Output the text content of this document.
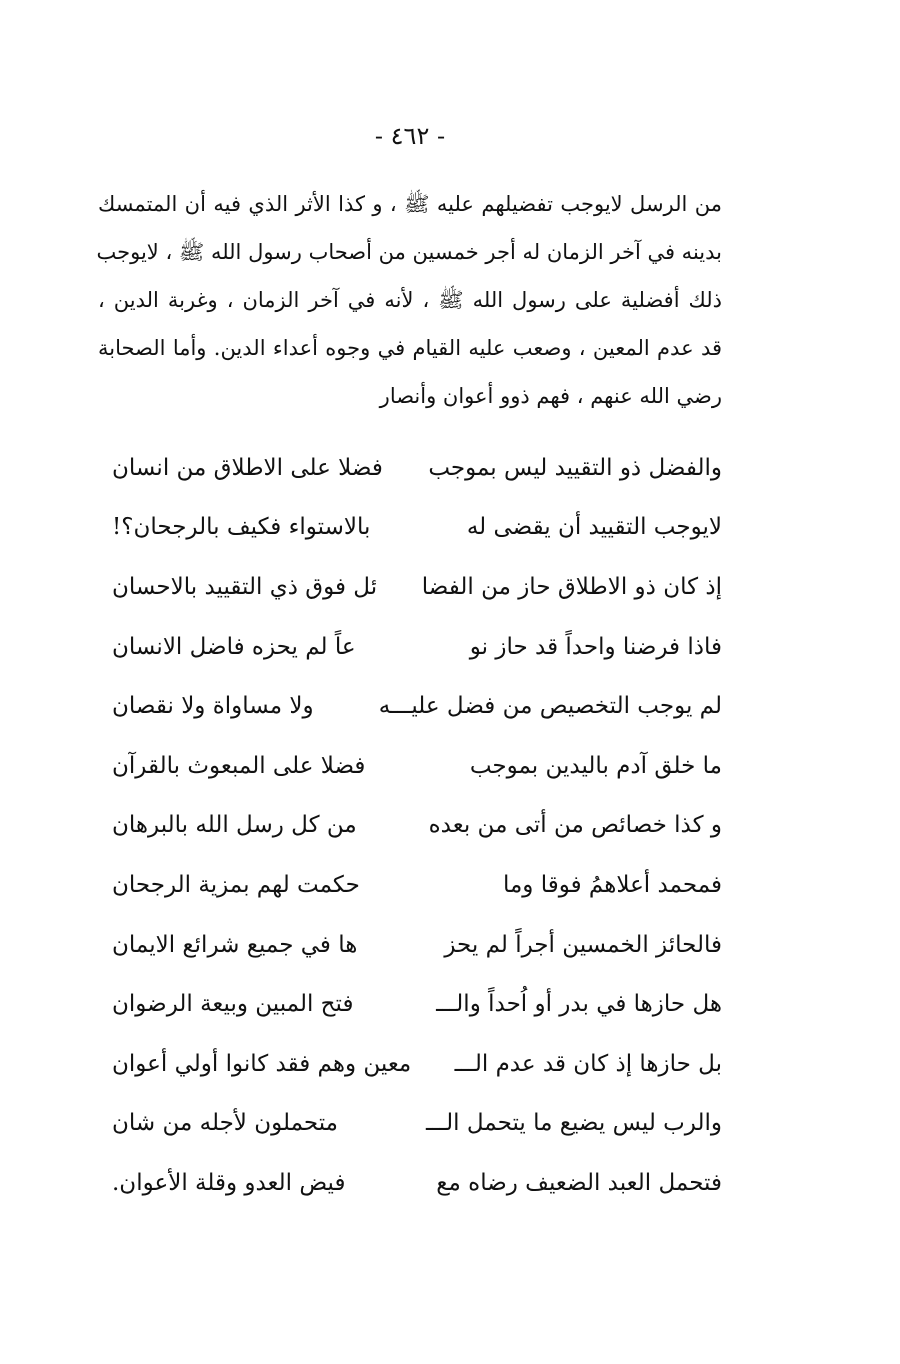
- ٤٦٢ -
من الرسل لايوجب تفضيلهم عليه ﷺ ، و كذا الأثر الذي فيه أن المتمسك
بدينه في آخر الزمان له أجر خمسين من أصحاب رسول الله ﷺ ، لايوجب
ذلك أفضلية على رسول الله ﷺ ، لأنه في آخر الزمان ، وغربة الدين ،
قد عدم المعين ، وصعب عليه القيام في وجوه أعداء الدين. وأما الصحابة
رضي الله عنهم ، فهم ذوو أعوان وأنصار
والفضل ذو التقييد ليس بموجب
فضلا على الاطلاق من انسان
لايوجب التقييد أن يقضى له
بالاستواء فكيف بالرجحان؟!
إذ كان ذو الاطلاق حاز من الفضا
ئل فوق ذي التقييد بالاحسان
فاذا فرضنا واحداً قد حاز نو
عاً لم يحزه فاضل الانسان
لم يوجب التخصيص من فضل عليـــه
ولا مساواة ولا نقصان
ما خلق آدم باليدين بموجب
فضلا على المبعوث بالقرآن
و كذا خصائص من أتى من بعده
من كل رسل الله بالبرهان
فمحمد أعلاهمُ فوقا وما
حكمت لهم بمزية الرجحان
فالحائز الخمسين أجراً لم يحز
ها في جميع شرائع الايمان
هل حازها في بدر أو اُحداً والـــ
فتح المبين وبيعة الرضوان
بل حازها إذ كان قد عدم الـــ
معين وهم فقد كانوا أولي أعوان
والرب ليس يضيع ما يتحمل الـــ
متحملون لأجله من شان
فتحمل العبد الضعيف رضاه مع
فيض العدو وقلة الأعوان.
